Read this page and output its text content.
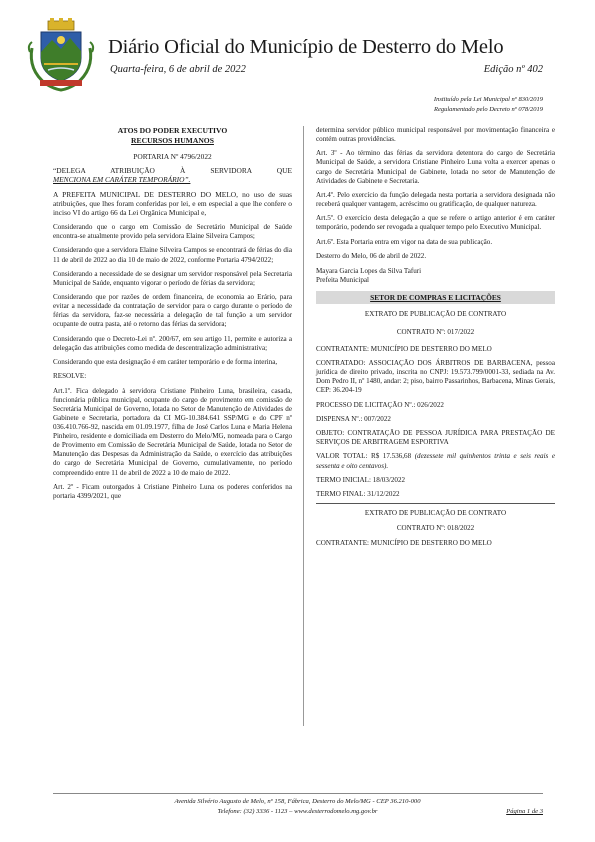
Diário Oficial do Município de Desterro do Melo
Quarta-feira, 6 de abril de 2022	Edição nº 402
Instituído pela Lei Municipal nº 830/2019
Regulamentado pelo Decreto nº 078/2019
ATOS DO PODER EXECUTIVO
RECURSOS HUMANOS

PORTARIA Nº 4796/2022

“DELEGA ATRIBUIÇÃO À SERVIDORA QUE

MENCIONA EM CARÁTER TEMPORÁRIO”.

A PREFEITA MUNICIPAL DE DESTERRO DO MELO, no uso de suas atribuições, que lhes foram conferidas por lei, e em especial a que lhe confere o inciso VI do artigo 66 da Lei Orgânica Municipal e,

Considerando que o cargo em Comissão de Secretário Municipal de Saúde encontra-se atualmente provido pela servidora Elaine Silveira Campos;

Considerando que a servidora Elaine Silveira Campos se encontrará de férias do dia 11 de abril de 2022 ao dia 10 de maio de 2022, conforme Portaria 4794/2022;

Considerando a necessidade de se designar um servidor responsável pela Secretaria Municipal de Saúde, enquanto vigorar o período de férias da servidora;

Considerando que por razões de ordem financeira, de economia ao Erário, para evitar a necessidade da contratação de servidor para o cargo durante o período de férias da servidora, faz-se necessária a delegação de tal função a um servidor ocupante de outra pasta, até o retorno das férias da servidora;

Considerando que o Decreto-Lei nº. 200/67, em seu artigo 11, permite e autoriza a delegação das atribuições como medida de descentralização administrativa;

Considerando que esta designação é em caráter temporário e de forma interina,

RESOLVE:

Art.1º. Fica delegado à servidora Cristiane Pinheiro Luna, brasileira, casada, funcionária pública municipal, ocupante do cargo de provimento em comissão de Secretária Municipal de Governo, lotada no Setor de Manutenção de Atividades de Gabinete e Secretaria, portadora da CI MG-10.384.641 SSP/MG e do CPF nº 036.410.766-92, nascida em 01.09.1977, filha de José Carlos Luna e Maria Helena Pinheiro, residente e domiciliada em Desterro do Melo/MG, nomeada para o Cargo de Provimento em Comissão de Secretária Municipal de Saúde, lotada no Setor de Manutenção das Despesas da Administração da Saúde, o exercício das atribuições do cargo de Secretária Municipal de Governo, cumulativamente, no período compreendido entre 11 de abril de 2022 a 10 de maio de 2022.

Art. 2º - Ficam outorgados à Cristiane Pinheiro Luna os poderes conferidos na portaria 4399/2021, que

determina servidor público municipal responsável por movimentação financeira e contém outras providências.

Art. 3º - Ao término das férias da servidora detentora do cargo de Secretária Municipal de Saúde, a servidora Cristiane Pinheiro Luna volta a exercer apenas o cargo de Secretária Municipal de Gabinete, lotada no setor de Manutenção de Atividades de Gabinete e Secretaria.

Art.4º. Pelo exercício da função delegada nesta portaria a servidora designada não receberá qualquer vantagem, acréscimo ou gratificação, de qualquer natureza.

Art.5º. O exercício desta delegação a que se refere o artigo anterior é em caráter temporário, podendo ser revogada a qualquer tempo pelo Executivo Municipal.

Art.6º. Esta Portaria entra em vigor na data de sua publicação.

Desterro do Melo, 06 de abril de 2022.

Mayara Garcia Lopes da Silva Tafuri
Prefeita Municipal
SETOR DE COMPRAS E LICITAÇÕES

EXTRATO DE PUBLICAÇÃO DE CONTRATO

CONTRATO Nº: 017/2022

CONTRATANTE: MUNICÍPIO DE DESTERRO DO MELO

CONTRATADO: ASSOCIAÇÃO DOS ÁRBITROS DE BARBACENA, pessoa jurídica de direito privado, inscrita no CNPJ: 19.573.799/0001-33, sediada na Av. Dom Pedro II, nº 1480, andar: 2; piso, bairro Passarinhos, Barbacena, Minas Gerais, CEP: 36.204-19

PROCESSO DE LICITAÇÃO Nº.: 026/2022

DISPENSA Nº.: 007/2022

OBJETO: CONTRATAÇÃO DE PESSOA JURÍDICA PARA PRESTAÇÃO DE SERVIÇOS DE ARBITRAGEM ESPORTIVA

VALOR TOTAL: R$ 17.536,68 (dezessete mil quinhentos trinta e seis reais e sessenta e oito centavos).

TERMO INICIAL: 18/03/2022

TERMO FINAL: 31/12/2022

EXTRATO DE PUBLICAÇÃO DE CONTRATO

CONTRATO Nº: 018/2022

CONTRATANTE: MUNICÍPIO DE DESTERRO DO MELO

Avenida Silvério Augusto de Melo, nº 158, Fábrica, Desterro do Melo/MG - CEP 36.210-000
Telefone: (32) 3336 - 1123 – www.desterrodomelo.mg.gov.br	Página 1 de 3
